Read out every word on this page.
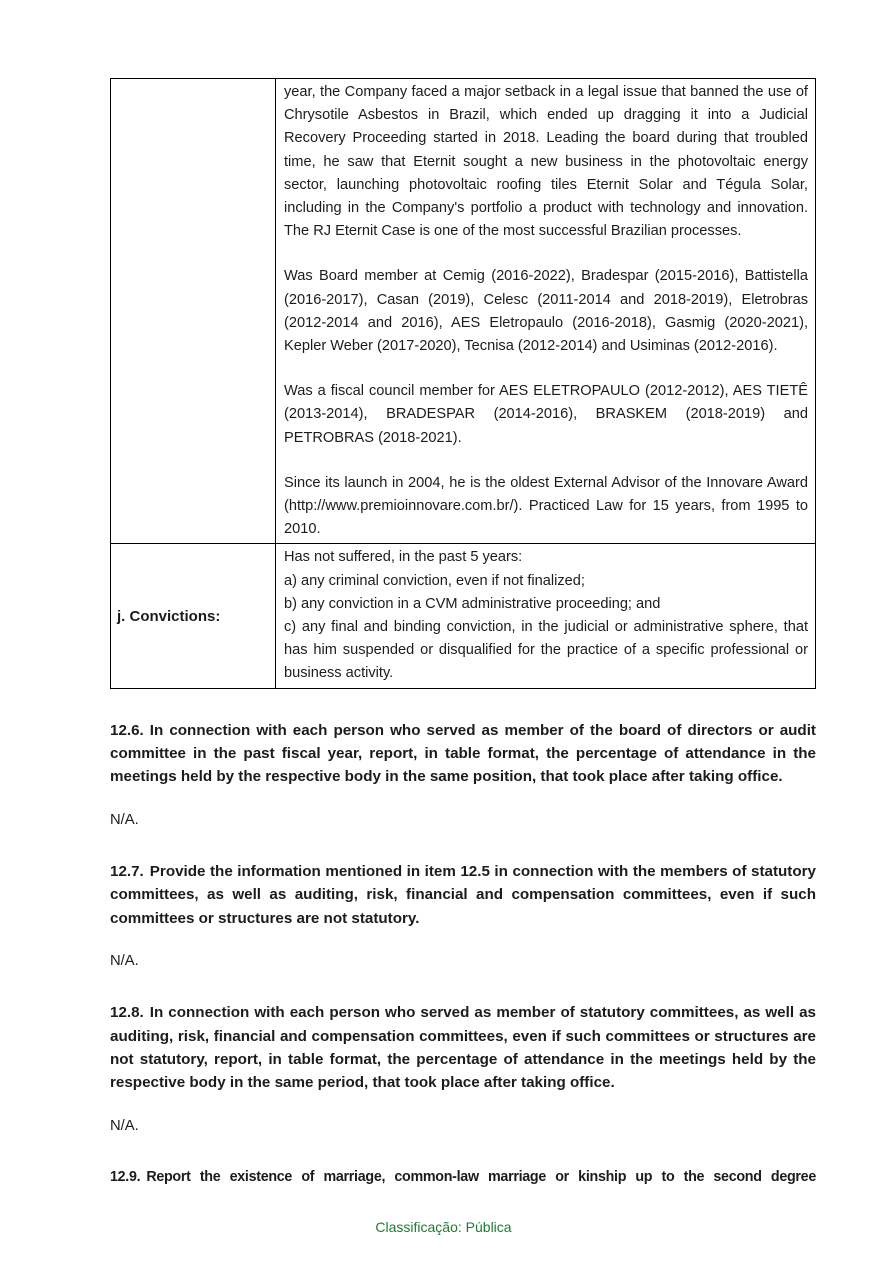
	year, the Company faced a major setback in a legal issue that banned the use of Chrysotile Asbestos in Brazil, which ended up dragging it into a Judicial Recovery Proceeding started in 2018. Leading the board during that troubled time, he saw that Eternit sought a new business in the photovoltaic energy sector, launching photovoltaic roofing tiles Eternit Solar and Tégula Solar, including in the Company's portfolio a product with technology and innovation. The RJ Eternit Case is one of the most successful Brazilian processes.

Was Board member at Cemig (2016-2022), Bradespar (2015-2016), Battistella (2016-2017), Casan (2019), Celesc (2011-2014 and 2018-2019), Eletrobras (2012-2014 and 2016), AES Eletropaulo (2016-2018), Gasmig (2020-2021), Kepler Weber (2017-2020), Tecnisa (2012-2014) and Usiminas (2012-2016).

Was a fiscal council member for AES ELETROPAULO (2012-2012), AES TIETÊ (2013-2014), BRADESPAR (2014-2016), BRASKEM (2018-2019) and PETROBRAS (2018-2021).

Since its launch in 2004, he is the oldest External Advisor of the Innovare Award (http://www.premioinnovare.com.br/). Practiced Law for 15 years, from 1995 to 2010.

j. Convictions:	Has not suffered, in the past 5 years:

a) any criminal conviction, even if not finalized;

b) any conviction in a CVM administrative proceeding; and

c) any final and binding conviction, in the judicial or administrative sphere, that has him suspended or disqualified for the practice of a specific professional or business activity.

12.6. In connection with each person who served as member of the board of directors or audit committee in the past fiscal year, report, in table format, the percentage of attendance in the meetings held by the respective body in the same position, that took place after taking office.

N/A.

12.7. Provide the information mentioned in item 12.5 in connection with the members of statutory committees, as well as auditing, risk, financial and compensation committees, even if such committees or structures are not statutory.

N/A.

12.8. In connection with each person who served as member of statutory committees, as well as auditing, risk, financial and compensation committees, even if such committees or structures are not statutory, report, in table format, the percentage of attendance in the meetings held by the respective body in the same period, that took place after taking office.

N/A.

12.9. Report the existence of marriage, common-law marriage or kinship up to the second degree

Classificação: Pública
